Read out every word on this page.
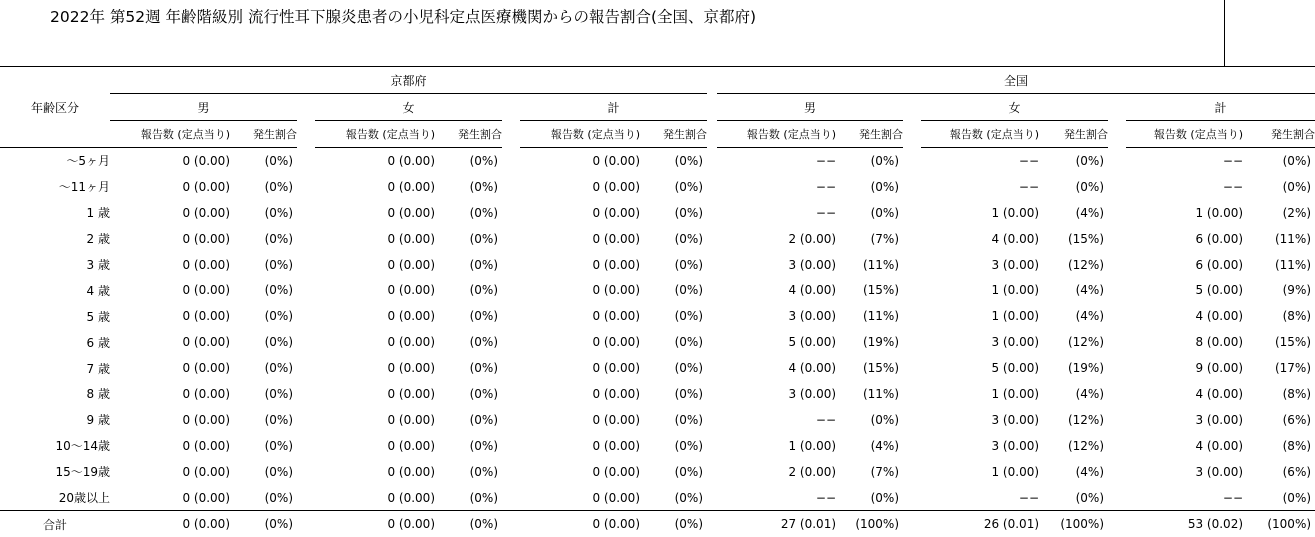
2022年 第52週 年齢階級別 流行性耳下腺炎患者の小児科定点医療機関からの報告割合(全国、京都府)
	京都府									全国							
年齢区分	男			女			計			男			女			計	
	報告数 (定点当り)	発生割合		報告数 (定点当り)	発生割合		報告数 (定点当り)	発生割合		報告数 (定点当り)	発生割合		報告数 (定点当り)	発生割合		報告数 (定点当り)	発生割合
〜5ヶ月	0 (0.00)	(0%)		0 (0.00)	(0%)		0 (0.00)	(0%)		−−	(0%)		−−	(0%)		−−	(0%)
〜11ヶ月	0 (0.00)	(0%)		0 (0.00)	(0%)		0 (0.00)	(0%)		−−	(0%)		−−	(0%)		−−	(0%)
1 歳	0 (0.00)	(0%)		0 (0.00)	(0%)		0 (0.00)	(0%)		−−	(0%)		1 (0.00)	(4%)		1 (0.00)	(2%)
2 歳	0 (0.00)	(0%)		0 (0.00)	(0%)		0 (0.00)	(0%)		2 (0.00)	(7%)		4 (0.00)	(15%)		6 (0.00)	(11%)
3 歳	0 (0.00)	(0%)		0 (0.00)	(0%)		0 (0.00)	(0%)		3 (0.00)	(11%)		3 (0.00)	(12%)		6 (0.00)	(11%)
4 歳	0 (0.00)	(0%)		0 (0.00)	(0%)		0 (0.00)	(0%)		4 (0.00)	(15%)		1 (0.00)	(4%)		5 (0.00)	(9%)
5 歳	0 (0.00)	(0%)		0 (0.00)	(0%)		0 (0.00)	(0%)		3 (0.00)	(11%)		1 (0.00)	(4%)		4 (0.00)	(8%)
6 歳	0 (0.00)	(0%)		0 (0.00)	(0%)		0 (0.00)	(0%)		5 (0.00)	(19%)		3 (0.00)	(12%)		8 (0.00)	(15%)
7 歳	0 (0.00)	(0%)		0 (0.00)	(0%)		0 (0.00)	(0%)		4 (0.00)	(15%)		5 (0.00)	(19%)		9 (0.00)	(17%)
8 歳	0 (0.00)	(0%)		0 (0.00)	(0%)		0 (0.00)	(0%)		3 (0.00)	(11%)		1 (0.00)	(4%)		4 (0.00)	(8%)
9 歳	0 (0.00)	(0%)		0 (0.00)	(0%)		0 (0.00)	(0%)		−−	(0%)		3 (0.00)	(12%)		3 (0.00)	(6%)
10〜14歳	0 (0.00)	(0%)		0 (0.00)	(0%)		0 (0.00)	(0%)		1 (0.00)	(4%)		3 (0.00)	(12%)		4 (0.00)	(8%)
15〜19歳	0 (0.00)	(0%)		0 (0.00)	(0%)		0 (0.00)	(0%)		2 (0.00)	(7%)		1 (0.00)	(4%)		3 (0.00)	(6%)
20歳以上	0 (0.00)	(0%)		0 (0.00)	(0%)		0 (0.00)	(0%)		−−	(0%)		−−	(0%)		−−	(0%)
合計	0 (0.00)	(0%)		0 (0.00)	(0%)		0 (0.00)	(0%)		27 (0.01)	(100%)		26 (0.01)	(100%)		53 (0.02)	(100%)
